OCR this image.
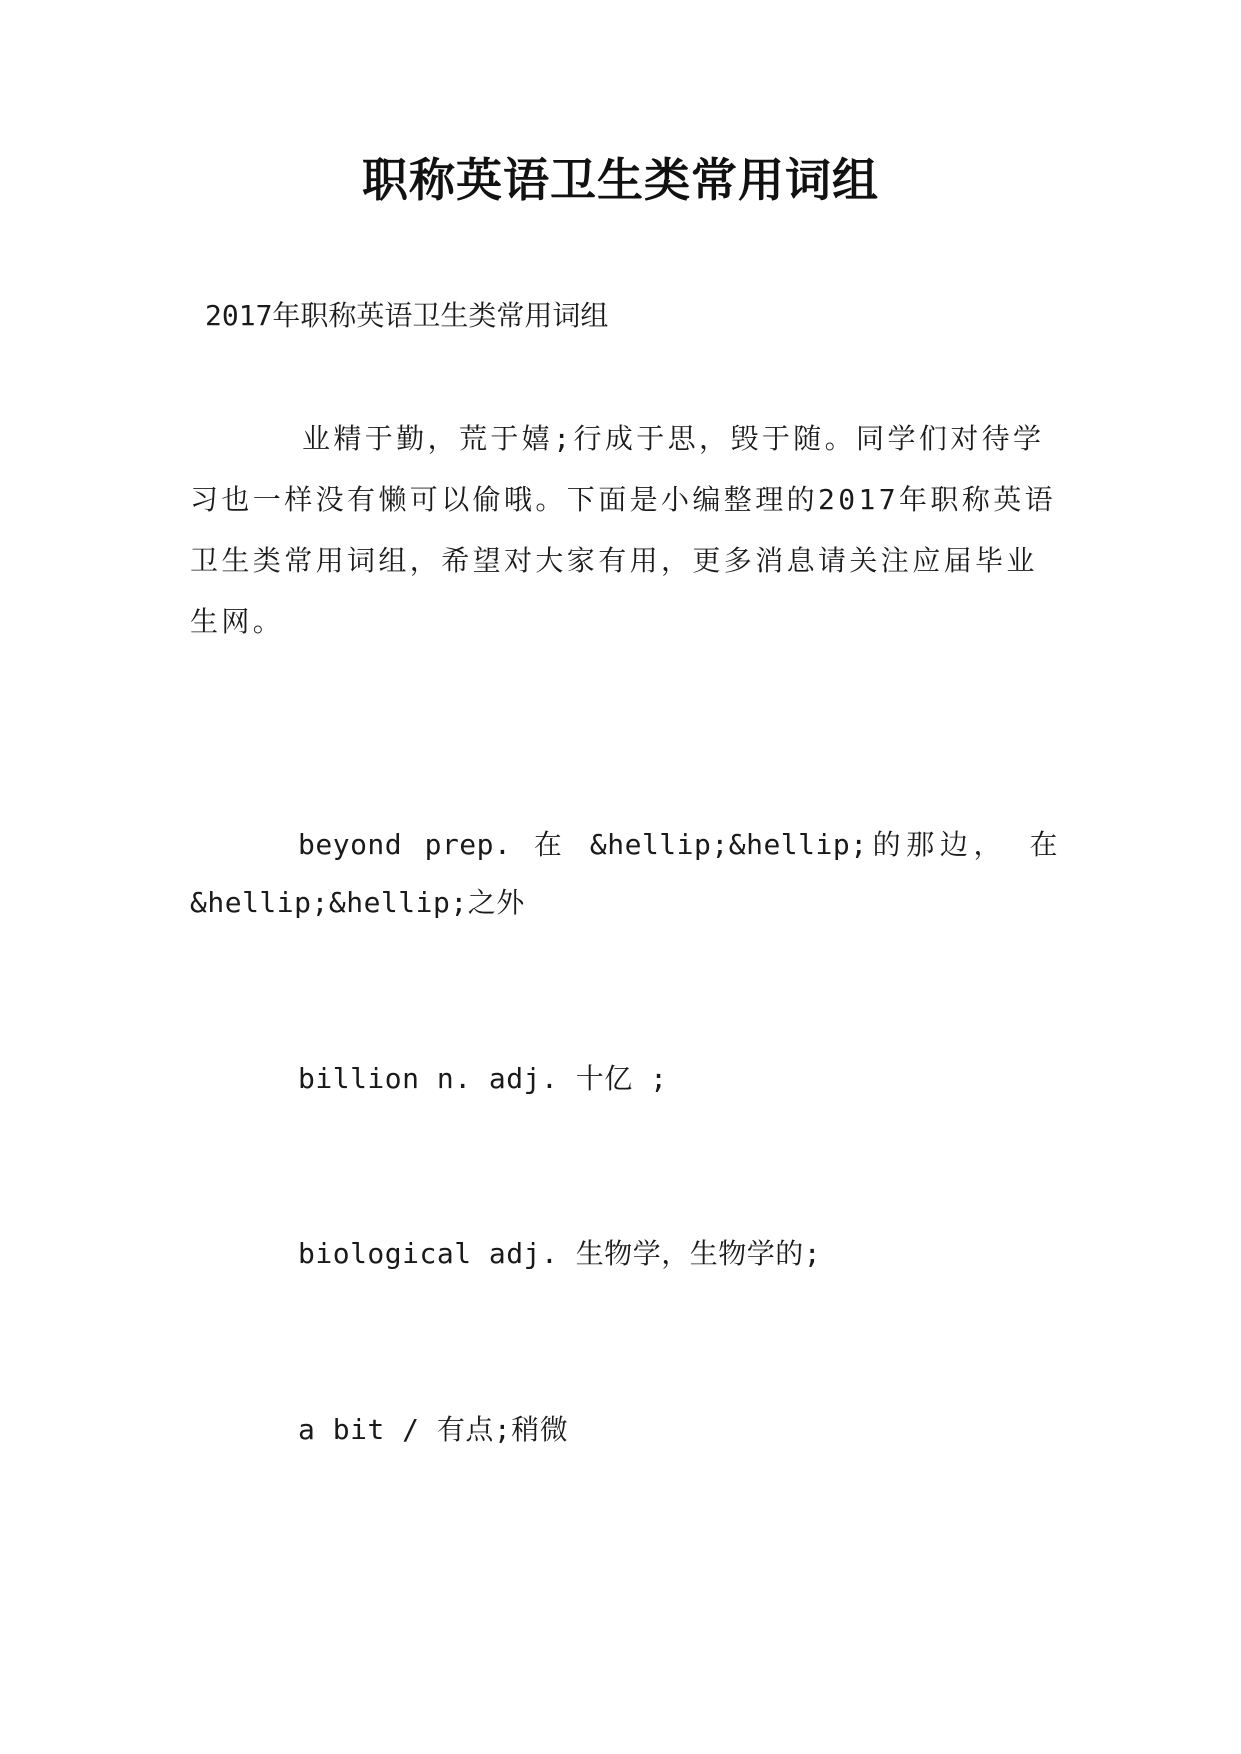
职称英语卫生类常用词组
2017年职称英语卫生类常用词组

业精于勤，荒于嬉;行成于思，毁于随。同学们对待学习也一样没有懒可以偷哦。下面是小编整理的2017年职称英语卫生类常用词组，希望对大家有用，更多消息请关注应届毕业生网。

beyond prep. 在 &hellip;&hellip;的那边， 在 &hellip;&hellip;之外

billion n. adj. 十亿 ;

biological adj. 生物学，生物学的;

a bit / 有点;稍微
